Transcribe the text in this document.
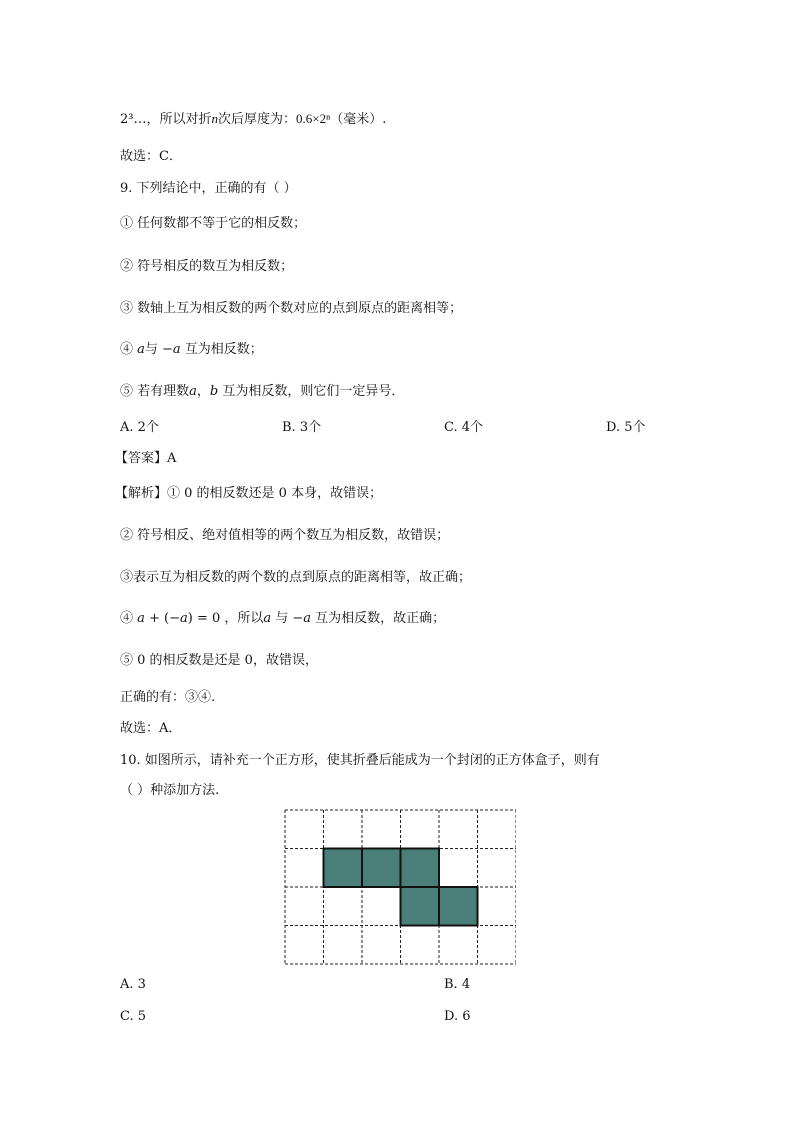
2³…，所以对折n次后厚度为：0.6×2ⁿ（毫米）.
故选：C．
9. 下列结论中，正确的有（ ）
① 任何数都不等于它的相反数；
② 符号相反的数互为相反数；
③ 数轴上互为相反数的两个数对应的点到原点的距离相等；
④ 𝑎与 −𝑎 互为相反数；
⑤ 若有理数𝑎，𝑏 互为相反数，则它们一定异号．
A. 2个	B. 3个	C. 4个	D. 5个
【答案】A
【解析】① 0 的相反数还是 0 本身，故错误；
② 符号相反、绝对值相等的两个数互为相反数，故错误；
③表示互为相反数的两个数的点到原点的距离相等，故正确；
④ 𝑎 + (−𝑎) = 0 ，所以𝑎 与 −𝑎 互为相反数，故正确；
⑤ 0 的相反数是还是 0，故错误，
正确的有：③④.
故选：A．
10. 如图所示，请补充一个正方形，使其折叠后能成为一个封闭的正方体盒子，则有
（ ）种添加方法.
A. 3	B. 4
C. 5	D. 6
